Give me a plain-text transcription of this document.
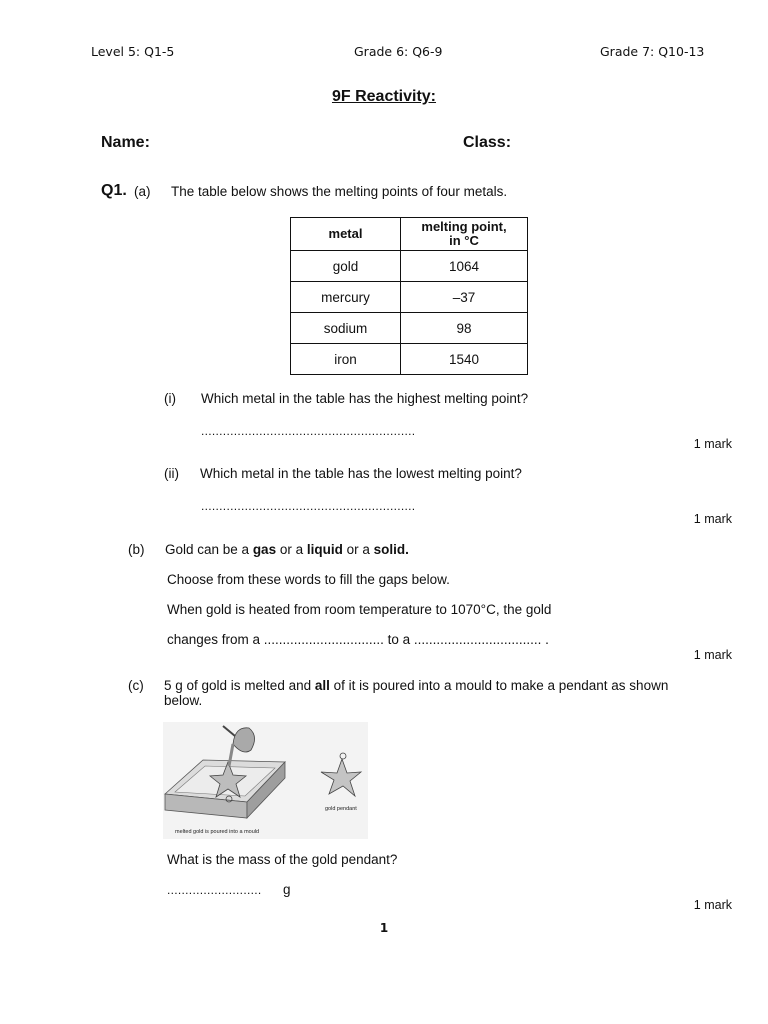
Level 5: Q1-5	Grade 6: Q6-9	Grade 7: Q10-13
9F Reactivity:
Name:	Class:
Q1. (a) The table below shows the melting points of four metals.
metal	melting point,
in °C
gold	1064
mercury	–37
sodium	98
iron	1540
(i) Which metal in the table has the highest melting point?
...........................................................
1 mark
(ii) Which metal in the table has the lowest melting point?
...........................................................
1 mark
(b) Gold can be a gas or a liquid or a solid.
Choose from these words to fill the gaps below.
When gold is heated from room temperature to 1070°C, the gold
changes from a ................................ to a .................................. .
1 mark
(c) 5 g of gold is melted and all of it is poured into a mould to make a pendant as shown
below.
melted gold is poured into a mould
gold pendant
What is the mass of the gold pendant?
.......................... g
1 mark
1
